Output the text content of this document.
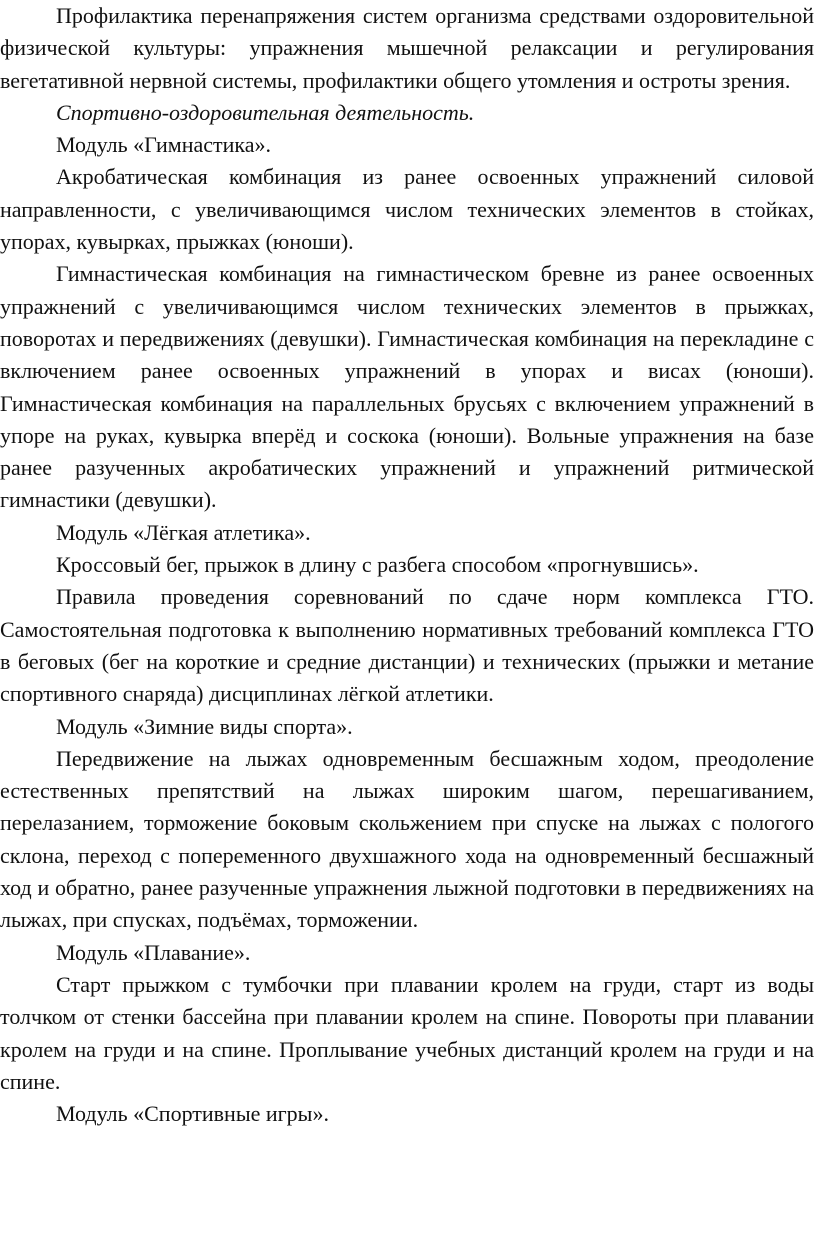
Профилактика перенапряжения систем организма средствами оздоровительной физической культуры: упражнения мышечной релаксации и регулирования вегетативной нервной системы, профилактики общего утомления и остроты зрения.

Спортивно-оздоровительная деятельность.

Модуль «Гимнастика».

Акробатическая комбинация из ранее освоенных упражнений силовой направленности, с увеличивающимся числом технических элементов в стойках, упорах, кувырках, прыжках (юноши).

Гимнастическая комбинация на гимнастическом бревне из ранее освоенных упражнений с увеличивающимся числом технических элементов в прыжках, поворотах и передвижениях (девушки). Гимнастическая комбинация на перекладине с включением ранее освоенных упражнений в упорах и висах (юноши). Гимнастическая комбинация на параллельных брусьях с включением упражнений в упоре на руках, кувырка вперёд и соскока (юноши). Вольные упражнения на базе ранее разученных акробатических упражнений и упражнений ритмической гимнастики (девушки).

Модуль «Лёгкая атлетика».

Кроссовый бег, прыжок в длину с разбега способом «прогнувшись».

Правила проведения соревнований по сдаче норм комплекса ГТО. Самостоятельная подготовка к выполнению нормативных требований комплекса ГТО в беговых (бег на короткие и средние дистанции) и технических (прыжки и метание спортивного снаряда) дисциплинах лёгкой атлетики.

Модуль «Зимние виды спорта».

Передвижение на лыжах одновременным бесшажным ходом, преодоление естественных препятствий на лыжах широким шагом, перешагиванием, перелазанием, торможение боковым скольжением при спуске на лыжах с пологого склона, переход с попеременного двухшажного хода на одновременный бесшажный ход и обратно, ранее разученные упражнения лыжной подготовки в передвижениях на лыжах, при спусках, подъёмах, торможении.

Модуль «Плавание».

Старт прыжком с тумбочки при плавании кролем на груди, старт из воды толчком от стенки бассейна при плавании кролем на спине. Повороты при плавании кролем на груди и на спине. Проплывание учебных дистанций кролем на груди и на спине.

Модуль «Спортивные игры».
